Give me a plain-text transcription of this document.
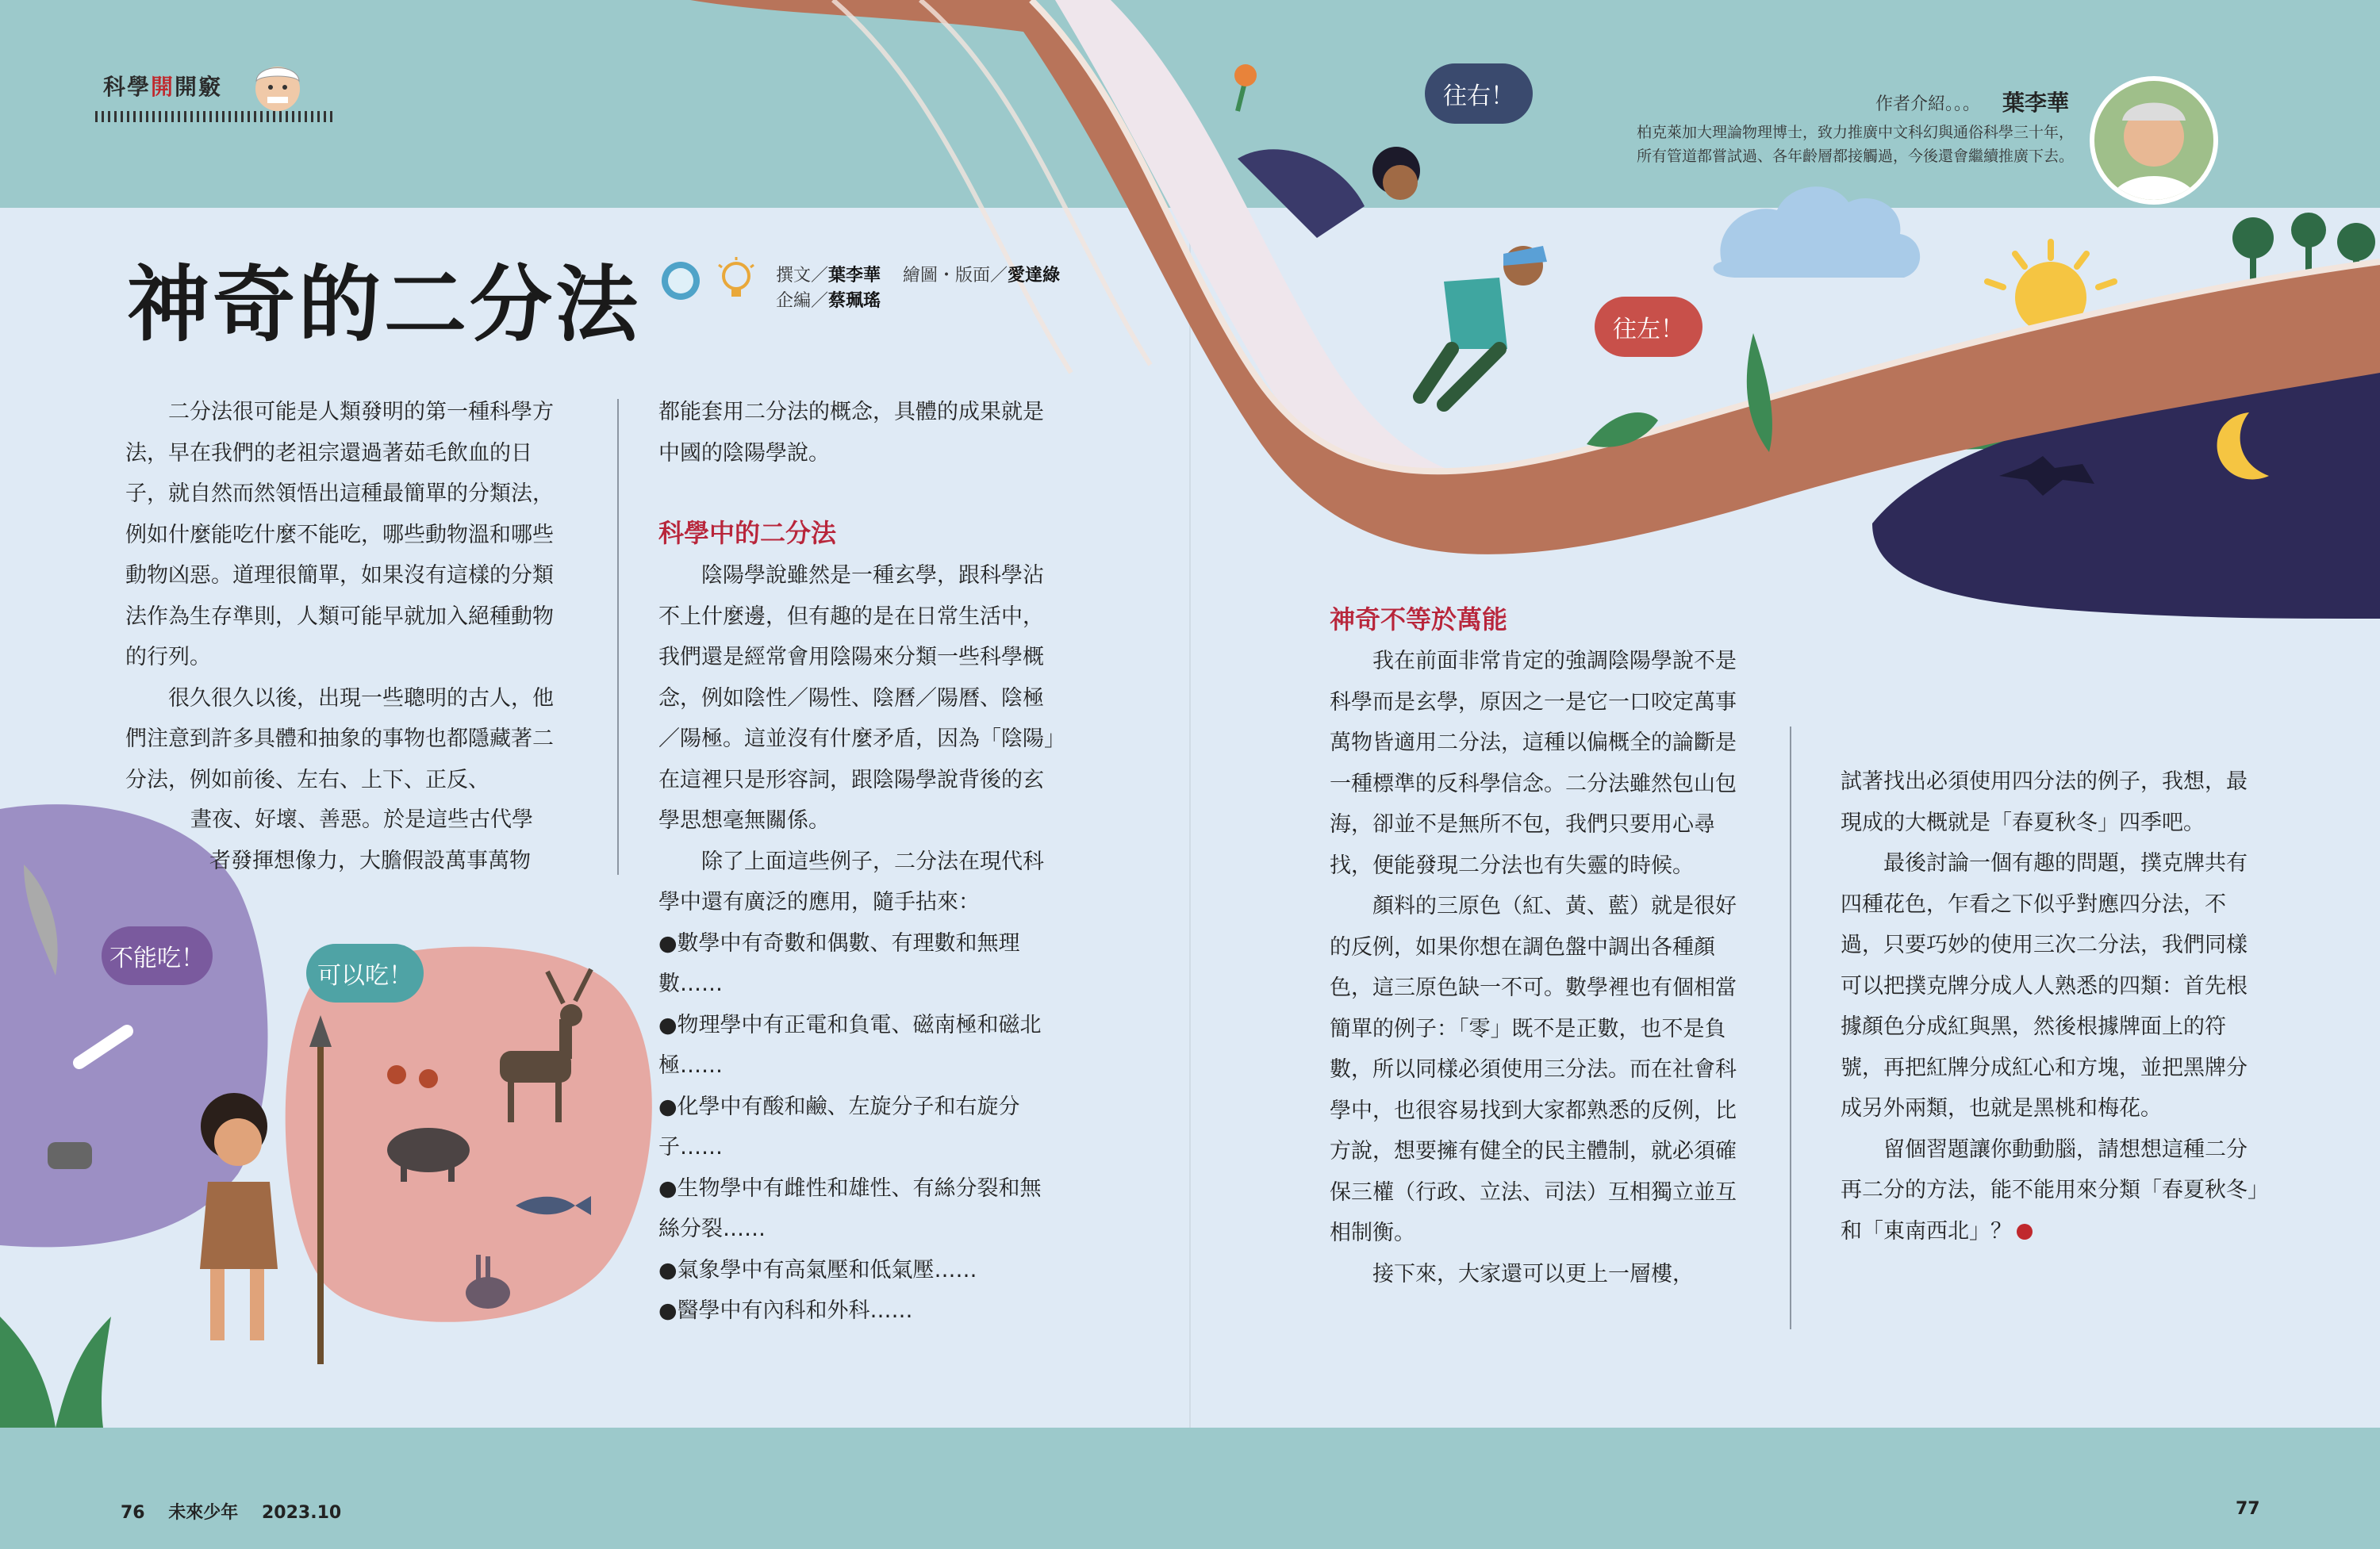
科學開開竅
神奇的二分法	撰文／葉李華 繪圖・版面／愛達綠
企編／蔡珮瑤

二分法很可能是人類發明的第一種科學方法，早在我們的老祖宗還過著茹毛飲血的日子，就自然而然領悟出這種最簡單的分類法，例如什麼能吃什麼不能吃，哪些動物溫和哪些動物凶惡。道理很簡單，如果沒有這樣的分類法作為生存準則，人類可能早就加入絕種動物的行列。

很久很久以後，出現一些聰明的古人，他們注意到許多具體和抽象的事物也都隱藏著二分法，例如前後、左右、上下、正反、

晝夜、好壞、善惡。於是這些古代學

者發揮想像力，大膽假設萬事萬物

都能套用二分法的概念，具體的成果就是中國的陰陽學說。

科學中的二分法

陰陽學說雖然是一種玄學，跟科學沾不上什麼邊，但有趣的是在日常生活中，我們還是經常會用陰陽來分類一些科學概念，例如陰性／陽性、陰曆／陽曆、陰極／陽極。這並沒有什麼矛盾，因為「陰陽」在這裡只是形容詞，跟陰陽學說背後的玄學思想毫無關係。

除了上面這些例子，二分法在現代科學中還有廣泛的應用，隨手拈來：

●數學中有奇數和偶數、有理數和無理數……

●物理學中有正電和負電、磁南極和磁北極……

●化學中有酸和鹼、左旋分子和右旋分子……

●生物學中有雌性和雄性、有絲分裂和無絲分裂……

●氣象學中有高氣壓和低氣壓……

●醫學中有內科和外科……

神奇不等於萬能

我在前面非常肯定的強調陰陽學說不是科學而是玄學，原因之一是它一口咬定萬事萬物皆適用二分法，這種以偏概全的論斷是一種標準的反科學信念。二分法雖然包山包海，卻並不是無所不包，我們只要用心尋找，便能發現二分法也有失靈的時候。

顏料的三原色（紅、黃、藍）就是很好的反例，如果你想在調色盤中調出各種顏色，這三原色缺一不可。數學裡也有個相當簡單的例子：「零」既不是正數，也不是負數，所以同樣必須使用三分法。而在社會科學中，也很容易找到大家都熟悉的反例，比方說，想要擁有健全的民主體制，就必須確保三權（行政、立法、司法）互相獨立並互相制衡。

接下來，大家還可以更上一層樓，

試著找出必須使用四分法的例子，我想，最現成的大概就是「春夏秋冬」四季吧。

最後討論一個有趣的問題，撲克牌共有四種花色，乍看之下似乎對應四分法，不過，只要巧妙的使用三次二分法，我們同樣可以把撲克牌分成人人熟悉的四類：首先根據顏色分成紅與黑，然後根據牌面上的符號，再把紅牌分成紅心和方塊，並把黑牌分成另外兩類，也就是黑桃和梅花。

留個習題讓你動動腦，請想想這種二分再二分的方法，能不能用來分類「春夏秋冬」和「東南西北」？

不能吃！
可以吃！
往右！
往左！
作者介紹。。。 葉李華
柏克萊加大理論物理博士，致力推廣中文科幻與通俗科學三十年，
所有管道都嘗試過、各年齡層都接觸過，今後還會繼續推廣下去。
76 未來少年 2023.10	77
